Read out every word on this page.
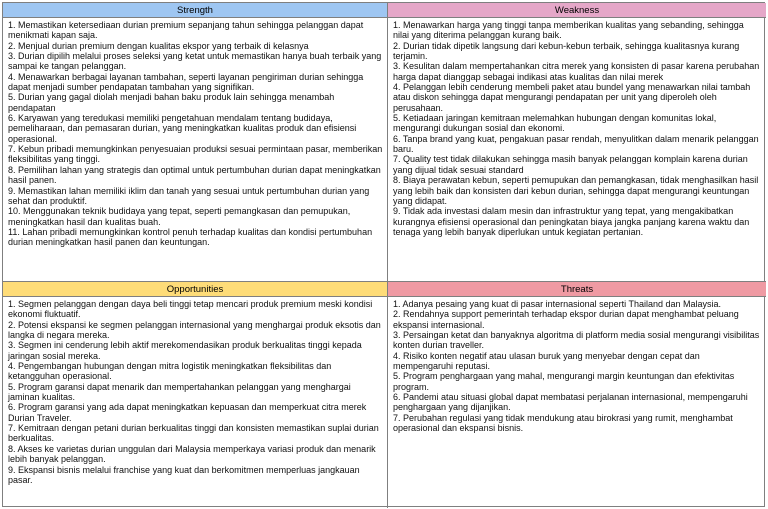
Strength	Weakness

1. Memastikan ketersediaan durian premium sepanjang tahun sehingga pelanggan dapat menikmati kapan saja.

2. Menjual durian premium dengan kualitas ekspor yang terbaik di kelasnya

3. Durian dipilih melalui proses seleksi yang ketat untuk memastikan hanya buah terbaik yang sampai ke tangan pelanggan.

4. Menawarkan berbagai layanan tambahan, seperti layanan pengiriman durian sehingga dapat menjadi sumber pendapatan tambahan yang signifikan.

5. Durian yang gagal diolah menjadi bahan baku produk lain sehingga menambah pendapatan

6. Karyawan yang teredukasi memiliki pengetahuan mendalam tentang budidaya, pemeliharaan, dan pemasaran durian, yang meningkatkan kualitas produk dan efisiensi operasional.

7. Kebun pribadi memungkinkan penyesuaian produksi sesuai permintaan pasar, memberikan fleksibilitas yang tinggi.

8. Pemilihan lahan yang strategis dan optimal untuk pertumbuhan durian dapat meningkatkan hasil panen.

9. Memastikan lahan memiliki iklim dan tanah yang sesuai untuk pertumbuhan durian yang sehat dan produktif.

10. Menggunakan teknik budidaya yang tepat, seperti pemangkasan dan pemupukan, meningkatkan hasil dan kualitas buah.

11. Lahan pribadi memungkinkan kontrol penuh terhadap kualitas dan kondisi pertumbuhan durian meningkatkan hasil panen dan keuntungan.

1. Menawarkan harga yang tinggi tanpa memberikan kualitas yang sebanding, sehingga nilai yang diterima pelanggan kurang baik.

2. Durian tidak dipetik langsung dari kebun-kebun terbaik, sehingga kualitasnya kurang terjamin.

3. Kesulitan dalam mempertahankan citra merek yang konsisten di pasar karena perubahan harga dapat dianggap sebagai indikasi atas kualitas dan nilai merek

4. Pelanggan lebih cenderung membeli paket atau bundel yang menawarkan nilai tambah atau diskon sehingga dapat mengurangi pendapatan per unit yang diperoleh oleh perusahaan.

5. Ketiadaan jaringan kemitraan melemahkan hubungan dengan komunitas lokal, mengurangi dukungan sosial dan ekonomi.

6. Tanpa brand yang kuat, pengakuan pasar rendah, menyulitkan dalam menarik pelanggan baru.

7. Quality test tidak dilakukan sehingga masih banyak pelanggan komplain karena durian yang dijual tidak sesuai standard

8. Biaya perawatan kebun, seperti pemupukan dan pemangkasan, tidak menghasilkan hasil yang lebih baik dan konsisten dari kebun durian, sehingga dapat mengurangi keuntungan yang didapat.

9. Tidak ada investasi dalam mesin dan infrastruktur yang tepat, yang mengakibatkan kurangnya efisiensi operasional dan peningkatan biaya jangka panjang karena waktu dan tenaga yang lebih banyak diperlukan untuk kegiatan pertanian.

Opportunities	Threats

1. Segmen pelanggan dengan daya beli tinggi tetap mencari produk premium meski kondisi ekonomi fluktuatif.

2. Potensi ekspansi ke segmen pelanggan internasional yang menghargai produk eksotis dan langka di negara mereka.

3. Segmen ini cenderung lebih aktif merekomendasikan produk berkualitas tinggi kepada jaringan sosial mereka.

4. Pengembangan hubungan dengan mitra logistik meningkatkan fleksibilitas dan ketangguhan operasional.

5. Program garansi dapat menarik dan mempertahankan pelanggan yang menghargai jaminan kualitas.

6. Program garansi yang ada dapat meningkatkan kepuasan dan memperkuat citra merek Durian Traveler.

7. Kemitraan dengan petani durian berkualitas tinggi dan konsisten memastikan suplai durian berkualitas.

8. Akses ke varietas durian unggulan dari Malaysia memperkaya variasi produk dan menarik lebih banyak pelanggan.

9. Ekspansi bisnis melalui franchise yang kuat dan berkomitmen memperluas jangkauan pasar.

1. Adanya pesaing yang kuat di pasar internasional seperti Thailand dan Malaysia.

2. Rendahnya support pemerintah terhadap ekspor durian dapat menghambat peluang ekspansi internasional.

3. Persaingan ketat dan banyaknya algoritma di platform media sosial mengurangi visibilitas konten durian traveller.

4. Risiko konten negatif atau ulasan buruk yang menyebar dengan cepat dan mempengaruhi reputasi.

5. Program penghargaan yang mahal, mengurangi margin keuntungan dan efektivitas program.

6. Pandemi atau situasi global dapat membatasi perjalanan internasional, mempengaruhi penghargaan yang dijanjikan.

7. Perubahan regulasi yang tidak mendukung atau birokrasi yang rumit, menghambat operasional dan ekspansi bisnis.
